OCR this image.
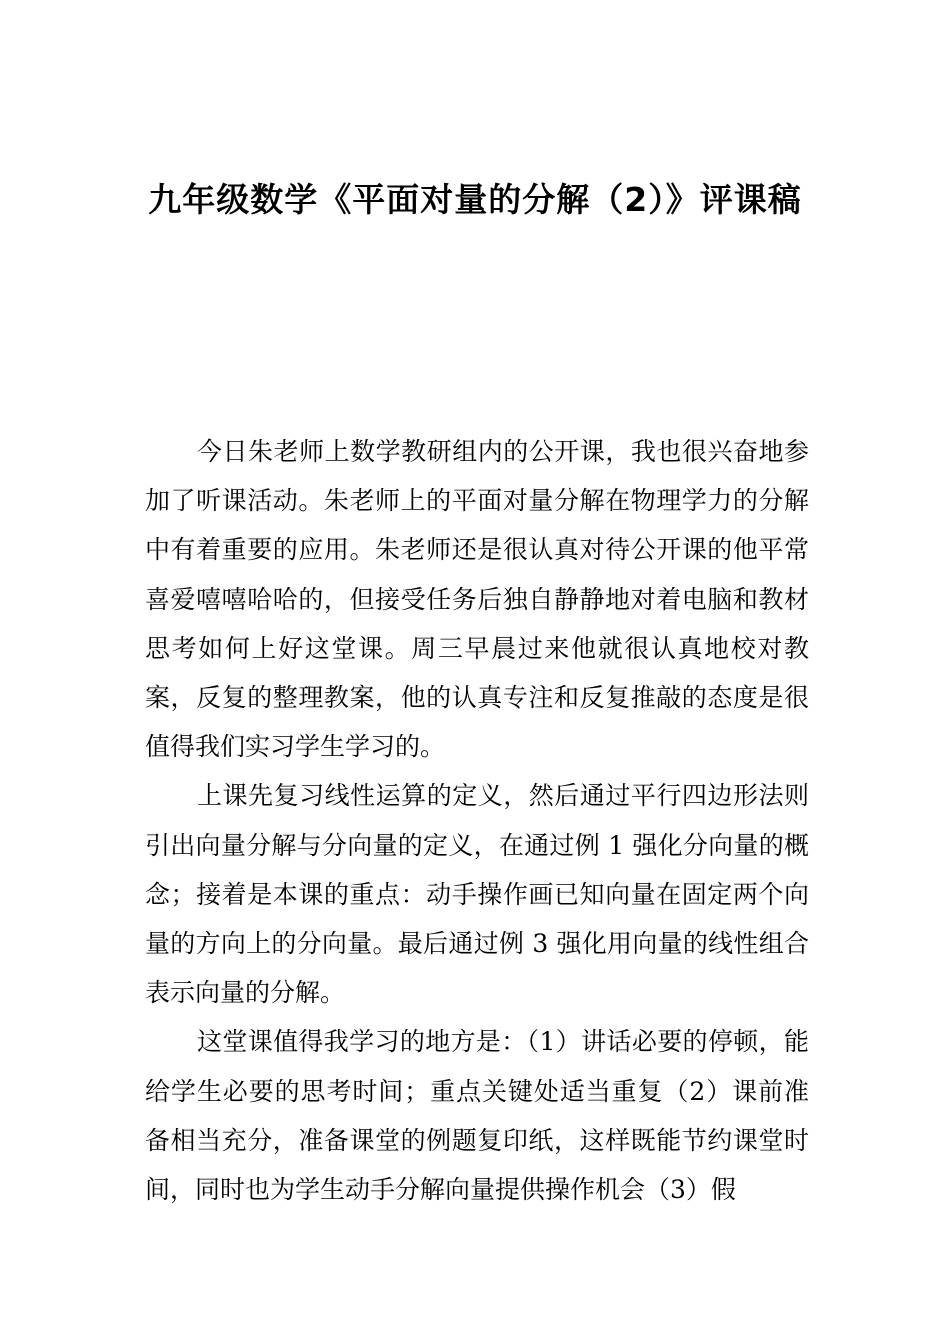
九年级数学《平面对量的分解（2）》评课稿

今日朱老师上数学教研组内的公开课，我也很兴奋地参加了听课活动。朱老师上的平面对量分解在物理学力的分解中有着重要的应用。朱老师还是很认真对待公开课的他平常喜爱嘻嘻哈哈的，但接受任务后独自静静地对着电脑和教材思考如何上好这堂课。周三早晨过来他就很认真地校对教案，反复的整理教案，他的认真专注和反复推敲的态度是很值得我们实习学生学习的。

上课先复习线性运算的定义，然后通过平行四边形法则引出向量分解与分向量的定义，在通过例 1 强化分向量的概念；接着是本课的重点：动手操作画已知向量在固定两个向量的方向上的分向量。最后通过例 3 强化用向量的线性组合表示向量的分解。

这堂课值得我学习的地方是：（1）讲话必要的停顿，能给学生必要的思考时间；重点关键处适当重复（2）课前准备相当充分，准备课堂的例题复印纸，这样既能节约课堂时间，同时也为学生动手分解向量提供操作机会（3）假
